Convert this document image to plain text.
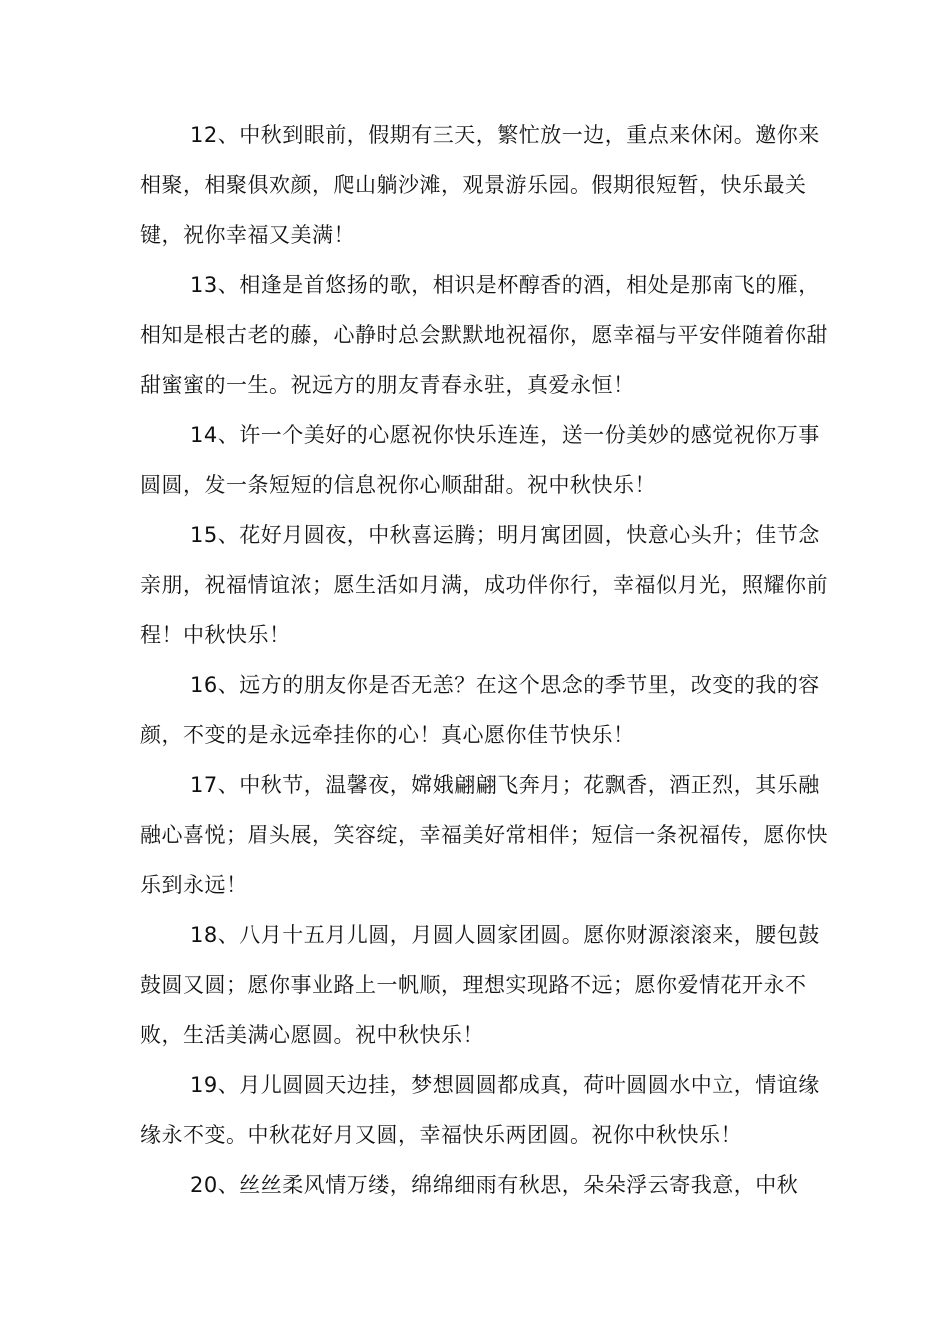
12、中秋到眼前，假期有三天，繁忙放一边，重点来休闲。邀你来相聚，相聚俱欢颜，爬山躺沙滩，观景游乐园。假期很短暂，快乐最关键，祝你幸福又美满！

13、相逢是首悠扬的歌，相识是杯醇香的酒，相处是那南飞的雁，相知是根古老的藤，心静时总会默默地祝福你，愿幸福与平安伴随着你甜甜蜜蜜的一生。祝远方的朋友青春永驻，真爱永恒！

14、许一个美好的心愿祝你快乐连连，送一份美妙的感觉祝你万事圆圆，发一条短短的信息祝你心顺甜甜。祝中秋快乐！

15、花好月圆夜，中秋喜运腾；明月寓团圆，快意心头升；佳节念亲朋，祝福情谊浓；愿生活如月满，成功伴你行，幸福似月光，照耀你前程！中秋快乐！

16、远方的朋友你是否无恙？在这个思念的季节里，改变的我的容颜，不变的是永远牵挂你的心！真心愿你佳节快乐！

17、中秋节，温馨夜，嫦娥翩翩飞奔月；花飘香，酒正烈，其乐融融心喜悦；眉头展，笑容绽，幸福美好常相伴；短信一条祝福传，愿你快乐到永远！

18、八月十五月儿圆，月圆人圆家团圆。愿你财源滚滚来，腰包鼓鼓圆又圆；愿你事业路上一帆顺，理想实现路不远；愿你爱情花开永不败，生活美满心愿圆。祝中秋快乐！

19、月儿圆圆天边挂，梦想圆圆都成真，荷叶圆圆水中立，情谊缘缘永不变。中秋花好月又圆，幸福快乐两团圆。祝你中秋快乐！

20、丝丝柔风情万缕，绵绵细雨有秋思，朵朵浮云寄我意，中秋
